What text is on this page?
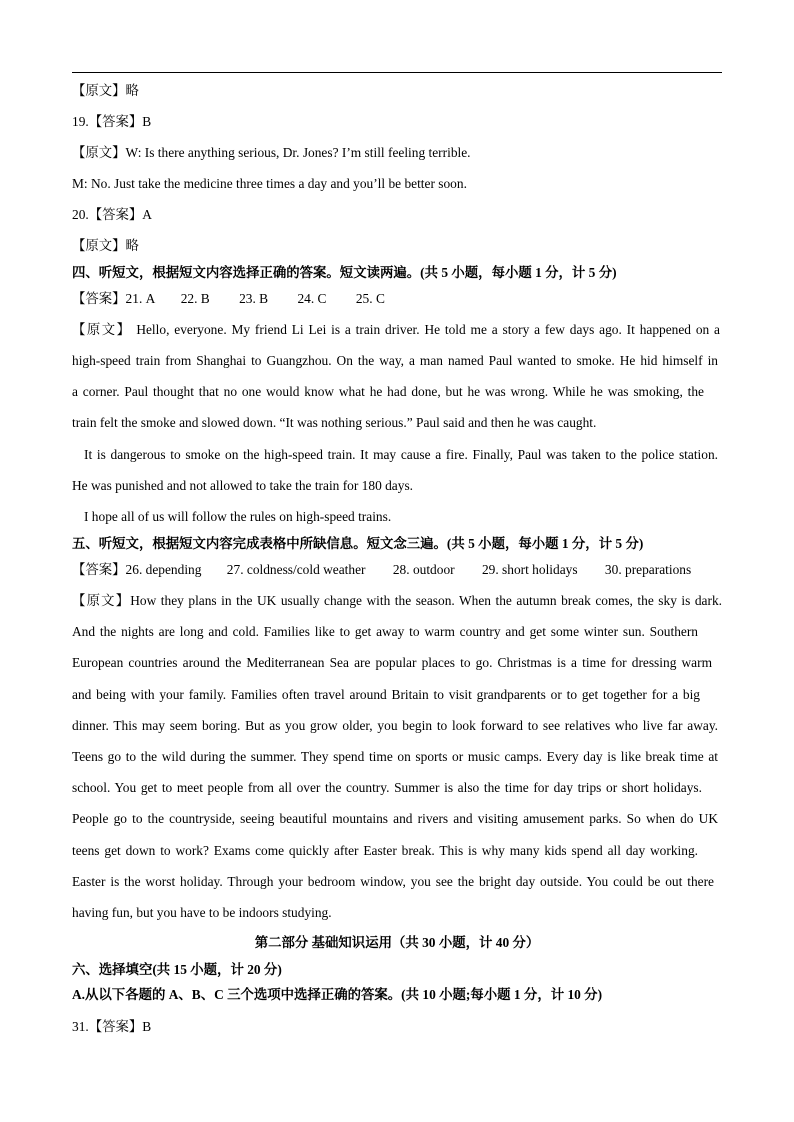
【原文】略
19.【答案】B
【原文】W: Is there anything serious, Dr. Jones? I’m still feeling terrible.
M: No. Just take the medicine three times a day and you’ll be better soon.
20.【答案】A
【原文】略
四、听短文，根据短文内容选择正确的答案。短文读两遍。(共 5 小题，每小题 1 分，计 5 分)
【答案】21. A 22. B 23. B 24. C 25. C
【原文】 Hello, everyone. My friend Li Lei is a train driver. He told me a story a few days ago. It happened on a
high-speed train from Shanghai to Guangzhou. On the way, a man named Paul wanted to smoke. He hid himself in
a corner. Paul thought that no one would know what he had done, but he was wrong. While he was smoking, the
train felt the smoke and slowed down. “It was nothing serious.” Paul said and then he was caught.
It is dangerous to smoke on the high-speed train. It may cause a fire. Finally, Paul was taken to the police station.
He was punished and not allowed to take the train for 180 days.
I hope all of us will follow the rules on high-speed trains.
五、听短文，根据短文内容完成表格中所缺信息。短文念三遍。(共 5 小题，每小题 1 分，计 5 分)
【答案】26. depending 27. coldness/cold weather 28. outdoor 29. short holidays 30. preparations
【原文】How they plans in the UK usually change with the season. When the autumn break comes, the sky is dark.
And the nights are long and cold. Families like to get away to warm country and get some winter sun. Southern
European countries around the Mediterranean Sea are popular places to go. Christmas is a time for dressing warm
and being with your family. Families often travel around Britain to visit grandparents or to get together for a big
dinner. This may seem boring. But as you grow older, you begin to look forward to see relatives who live far away.
Teens go to the wild during the summer. They spend time on sports or music camps. Every day is like break time at
school. You get to meet people from all over the country. Summer is also the time for day trips or short holidays.
People go to the countryside, seeing beautiful mountains and rivers and visiting amusement parks. So when do UK
teens get down to work? Exams come quickly after Easter break. This is why many kids spend all day working.
Easter is the worst holiday. Through your bedroom window, you see the bright day outside. You could be out there
having fun, but you have to be indoors studying.
第二部分 基础知识运用（共 30 小题，计 40 分）
六、选择填空(共 15 小题，计 20 分)
A.从以下各题的 A、B、C 三个选项中选择正确的答案。(共 10 小题;每小题 1 分，计 10 分)
31.【答案】B
